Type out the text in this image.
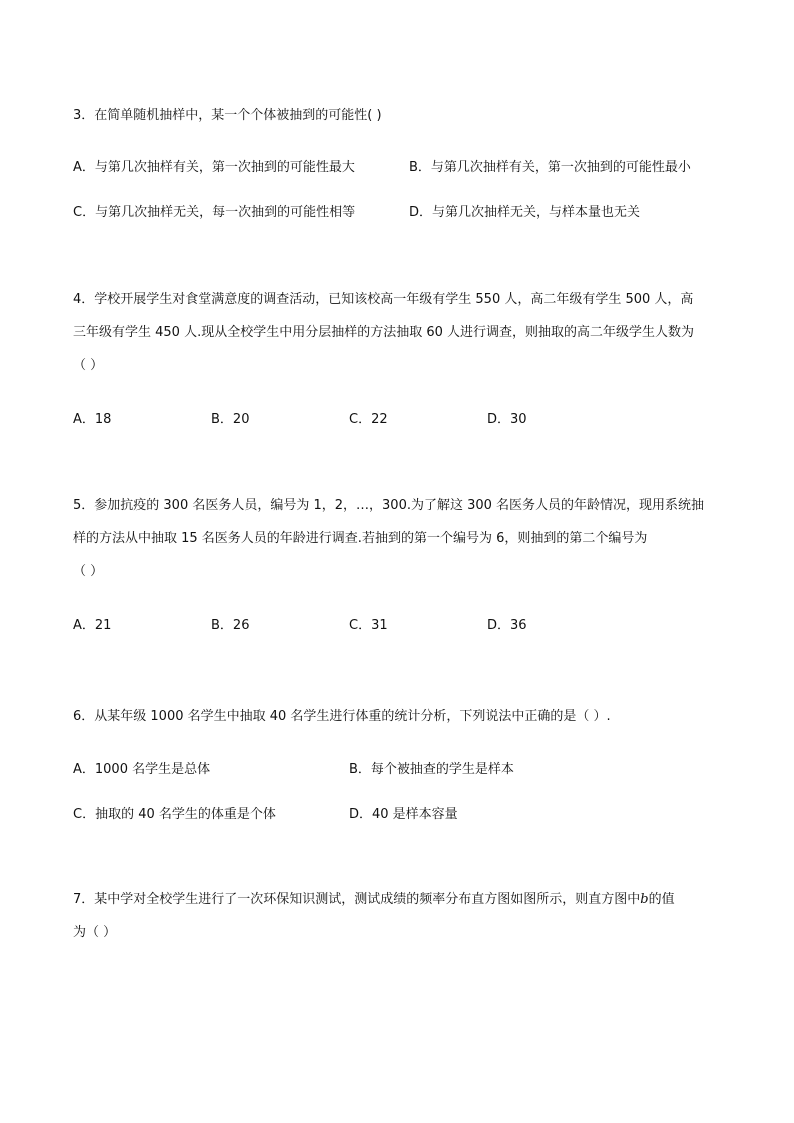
3．在简单随机抽样中，某一个个体被抽到的可能性( )
A．与第几次抽样有关，第一次抽到的可能性最大	B．与第几次抽样有关，第一次抽到的可能性最小
C．与第几次抽样无关，每一次抽到的可能性相等	D．与第几次抽样无关，与样本量也无关
4．学校开展学生对食堂满意度的调查活动，已知该校高一年级有学生 550 人，高二年级有学生 500 人，高
三年级有学生 450 人.现从全校学生中用分层抽样的方法抽取 60 人进行调查，则抽取的高二年级学生人数为
（ ）
A．18	B．20	C．22	D．30
5．参加抗疫的 300 名医务人员，编号为 1，2，…，300.为了解这 300 名医务人员的年龄情况，现用系统抽
样的方法从中抽取 15 名医务人员的年龄进行调查.若抽到的第一个编号为 6，则抽到的第二个编号为
（ ）
A．21	B．26	C．31	D．36
6．从某年级 1000 名学生中抽取 40 名学生进行体重的统计分析，下列说法中正确的是（ ）.
A．1000 名学生是总体	B．每个被抽查的学生是样本
C．抽取的 40 名学生的体重是个体	D．40 是样本容量
7．某中学对全校学生进行了一次环保知识测试，测试成绩的频率分布直方图如图所示，则直方图中b的值
为（ ）
